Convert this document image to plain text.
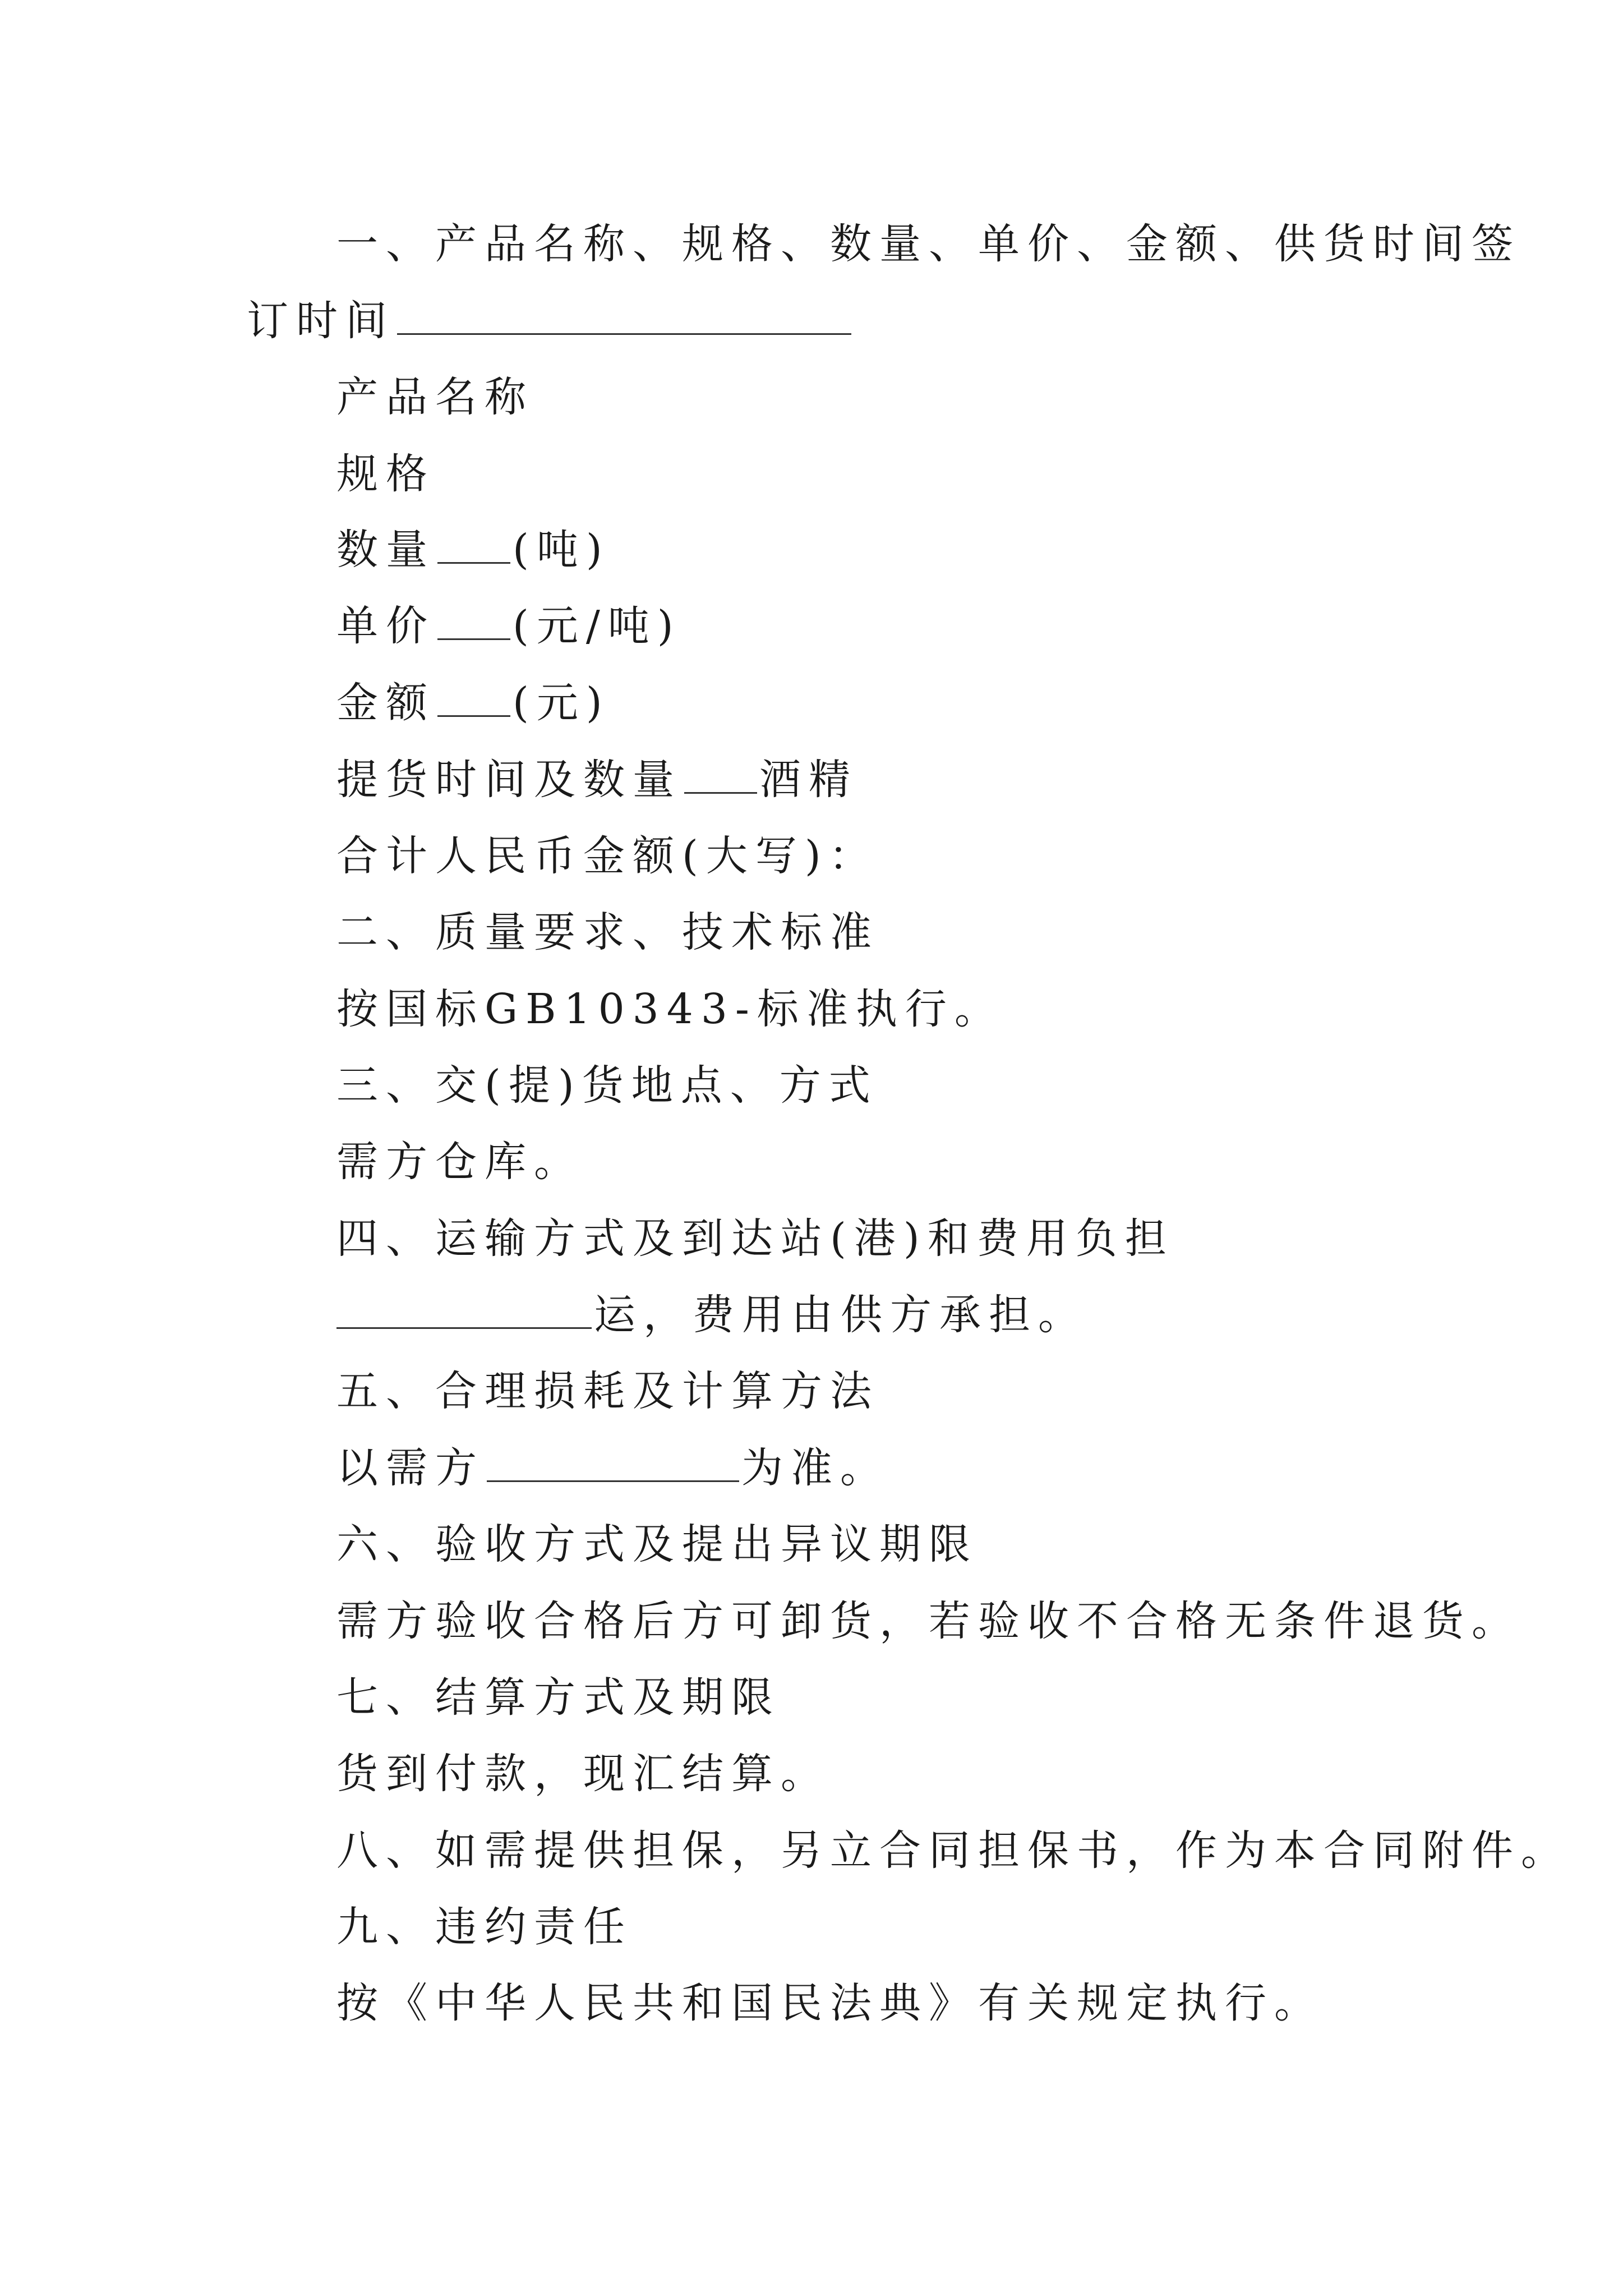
一、产品名称、规格、数量、单价、金额、供货时间签
订时间
产品名称
规格
数量 (吨)
单价 (元/吨)
金额 (元)
提货时间及数量 酒精
合计人民币金额(大写)：
二、质量要求、技术标准
按国标GB10343-标准执行。
三、交(提)货地点、方式
需方仓库。
四、运输方式及到达站(港)和费用负担
运，费用由供方承担。
五、合理损耗及计算方法
以需方	为准。
六、验收方式及提出异议期限
需方验收合格后方可卸货，若验收不合格无条件退货。
七、结算方式及期限
货到付款，现汇结算。
八、如需提供担保，另立合同担保书，作为本合同附件。
九、违约责任
按《中华人民共和国民法典》有关规定执行。
